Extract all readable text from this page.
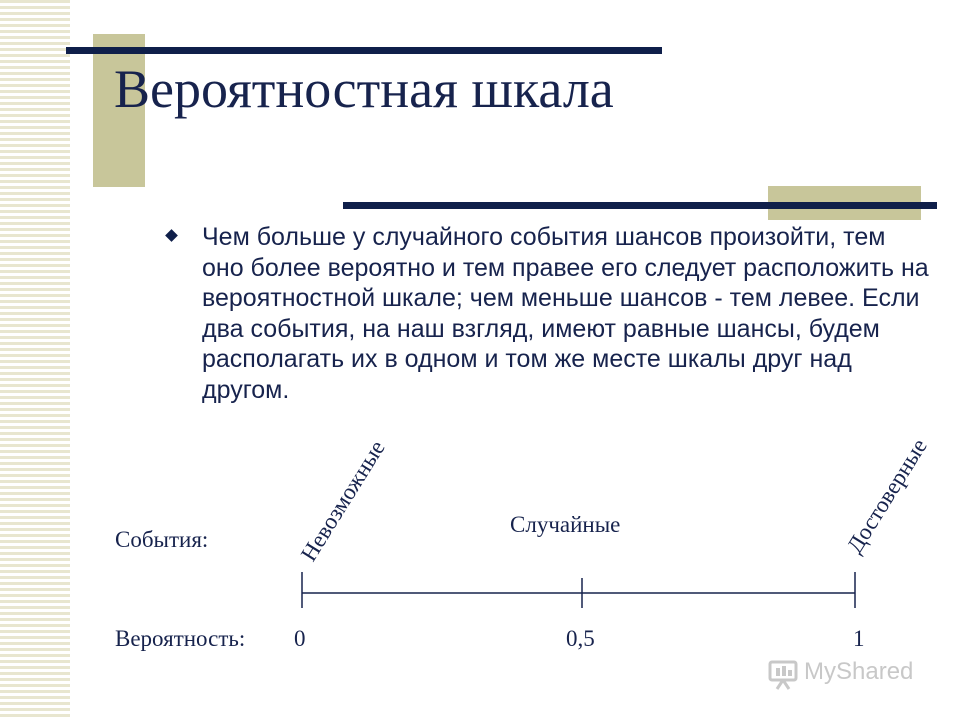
Вероятностная шкала
Чем больше у случайного события шансов произойти, тем оно более вероятно и тем правее его следует расположить на вероятностной шкале; чем меньше шансов - тем левее. Если два события, на наш взгляд, имеют равные шансы, будем располагать их в одном и том же месте шкалы друг над другом.
События:
Случайные
Невозможные	Достоверные
Вероятность: 0	0,5	1
MyShared
